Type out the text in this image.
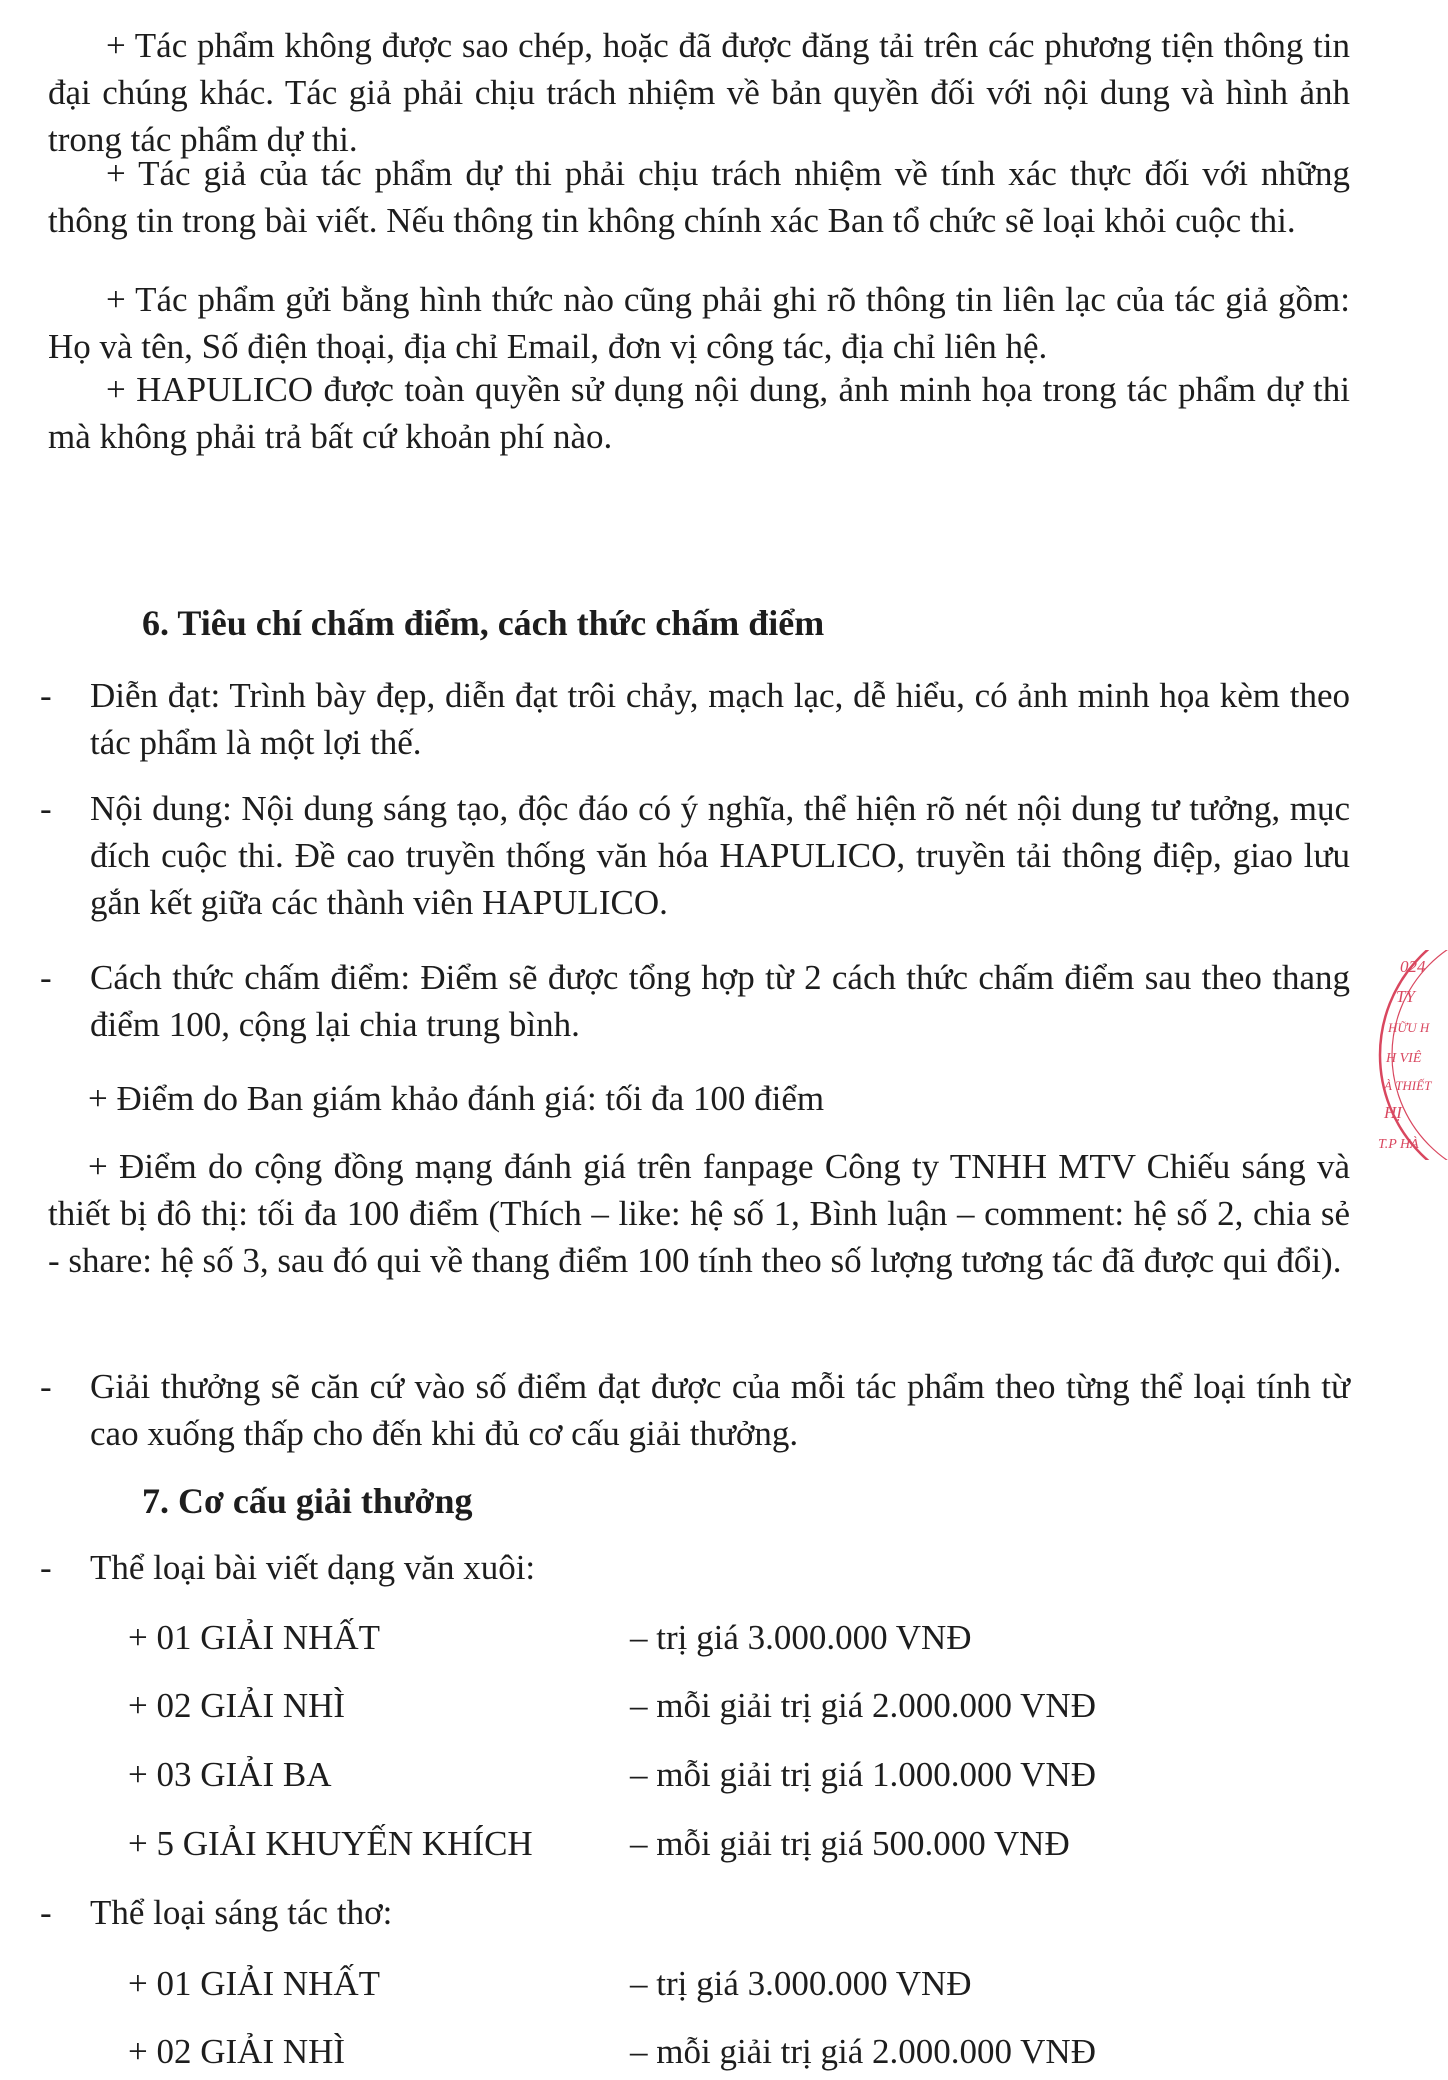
+ Tác phẩm không được sao chép, hoặc đã được đăng tải trên các phương tiện thông tin đại chúng khác. Tác giả phải chịu trách nhiệm về bản quyền đối với nội dung và hình ảnh trong tác phẩm dự thi.

+ Tác giả của tác phẩm dự thi phải chịu trách nhiệm về tính xác thực đối với những thông tin trong bài viết. Nếu thông tin không chính xác Ban tổ chức sẽ loại khỏi cuộc thi.

+ Tác phẩm gửi bằng hình thức nào cũng phải ghi rõ thông tin liên lạc của tác giả gồm: Họ và tên, Số điện thoại, địa chỉ Email, đơn vị công tác, địa chỉ liên hệ.

+ HAPULICO được toàn quyền sử dụng nội dung, ảnh minh họa trong tác phẩm dự thi mà không phải trả bất cứ khoản phí nào.

6. Tiêu chí chấm điểm, cách thức chấm điểm
-	Diễn đạt: Trình bày đẹp, diễn đạt trôi chảy, mạch lạc, dễ hiểu, có ảnh minh họa kèm theo tác phẩm là một lợi thế.
-	Nội dung: Nội dung sáng tạo, độc đáo có ý nghĩa, thể hiện rõ nét nội dung tư tưởng, mục đích cuộc thi. Đề cao truyền thống văn hóa HAPULICO, truyền tải thông điệp, giao lưu gắn kết giữa các thành viên HAPULICO.
-	Cách thức chấm điểm: Điểm sẽ được tổng hợp từ 2 cách thức chấm điểm sau theo thang điểm 100, cộng lại chia trung bình.

+ Điểm do Ban giám khảo đánh giá: tối đa 100 điểm

+ Điểm do cộng đồng mạng đánh giá trên fanpage Công ty TNHH MTV Chiếu sáng và thiết bị đô thị: tối đa 100 điểm (Thích – like: hệ số 1, Bình luận – comment: hệ số 2, chia sẻ - share: hệ số 3, sau đó qui về thang điểm 100 tính theo số lượng tương tác đã được qui đổi).

-	Giải thưởng sẽ căn cứ vào số điểm đạt được của mỗi tác phẩm theo từng thể loại tính từ cao xuống thấp cho đến khi đủ cơ cấu giải thưởng.
7. Cơ cấu giải thưởng
-	Thể loại bài viết dạng văn xuôi:
+ 01 GIẢI NHẤT	– trị giá 3.000.000 VNĐ
+ 02 GIẢI NHÌ	– mỗi giải trị giá 2.000.000 VNĐ
+ 03 GIẢI BA	– mỗi giải trị giá 1.000.000 VNĐ
+ 5 GIẢI KHUYẾN KHÍCH	– mỗi giải trị giá 500.000 VNĐ
-	Thể loại sáng tác thơ:
+ 01 GIẢI NHẤT	– trị giá 3.000.000 VNĐ
+ 02 GIẢI NHÌ	– mỗi giải trị giá 2.000.000 VNĐ
024
TY
HỮU H
H VIÊ
À THIẾT
HỊ
T.P HÀ
